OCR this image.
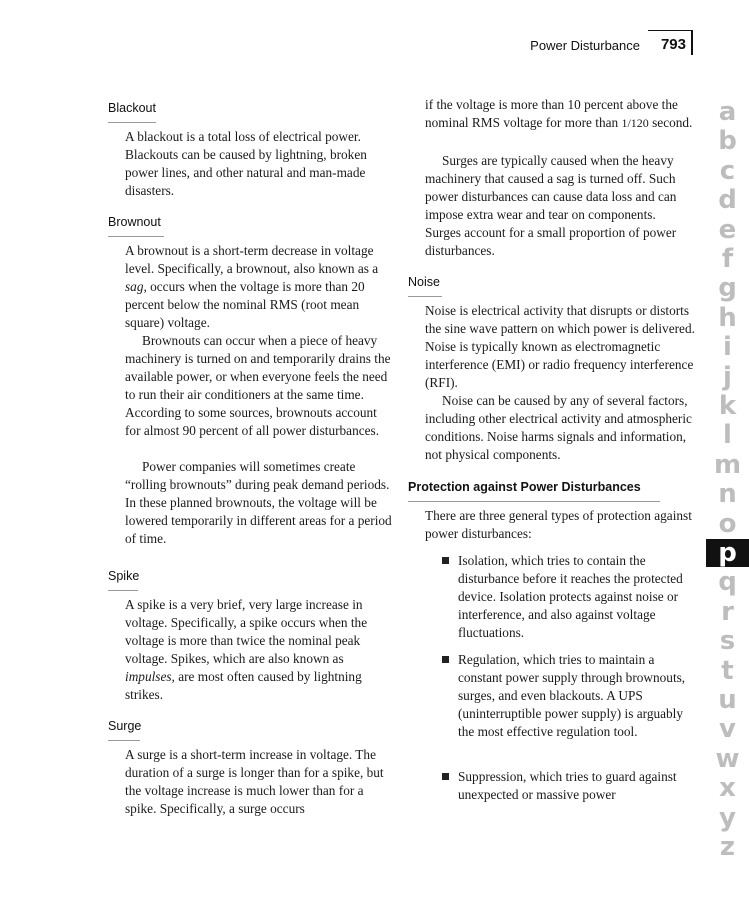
Power Disturbance 793
Blackout

A blackout is a total loss of electrical power. Blackouts can be caused by lightning, broken power lines, and other natural and man-made disasters.

Brownout

A brownout is a short-term decrease in voltage level. Specifically, a brownout, also known as a sag, occurs when the voltage is more than 20 percent below the nominal RMS (root mean square) voltage.

Brownouts can occur when a piece of heavy machinery is turned on and temporarily drains the available power, or when everyone feels the need to run their air conditioners at the same time. According to some sources, brownouts account for almost 90 percent of all power disturbances.

Power companies will sometimes create “rolling brownouts” during peak demand periods. In these planned brownouts, the voltage will be lowered temporarily in different areas for a period of time.

Spike

A spike is a very brief, very large increase in voltage. Specifically, a spike occurs when the voltage is more than twice the nominal peak voltage. Spikes, which are also known as impulses, are most often caused by lightning strikes.

Surge

A surge is a short-term increase in voltage. The duration of a surge is longer than for a spike, but the voltage increase is much lower than for a spike. Specifically, a surge occurs

if the voltage is more than 10 percent above the nominal RMS voltage for more than 1/120 second.

Surges are typically caused when the heavy machinery that caused a sag is turned off. Such power disturbances can cause data loss and can impose extra wear and tear on components. Surges account for a small proportion of power disturbances.

Noise

Noise is electrical activity that disrupts or distorts the sine wave pattern on which power is delivered. Noise is typically known as electromagnetic interference (EMI) or radio frequency interference (RFI).

Noise can be caused by any of several factors, including other electrical activity and atmospheric conditions. Noise harms signals and information, not physical components.

Protection against Power Disturbances

There are three general types of protection against power disturbances:

Isolation, which tries to contain the disturbance before it reaches the protected device. Isolation protects against noise or interference, and also against voltage fluctuations.
Regulation, which tries to maintain a constant power supply through brownouts, surges, and even blackouts. A UPS (uninterruptible power supply) is arguably the most effective regulation tool.
Suppression, which tries to guard against unexpected or massive power
a
b
c
d
e
f
g
h
i
j
k
l
m
n
o
p
q
r
s
t
u
v
w
x
y
z
